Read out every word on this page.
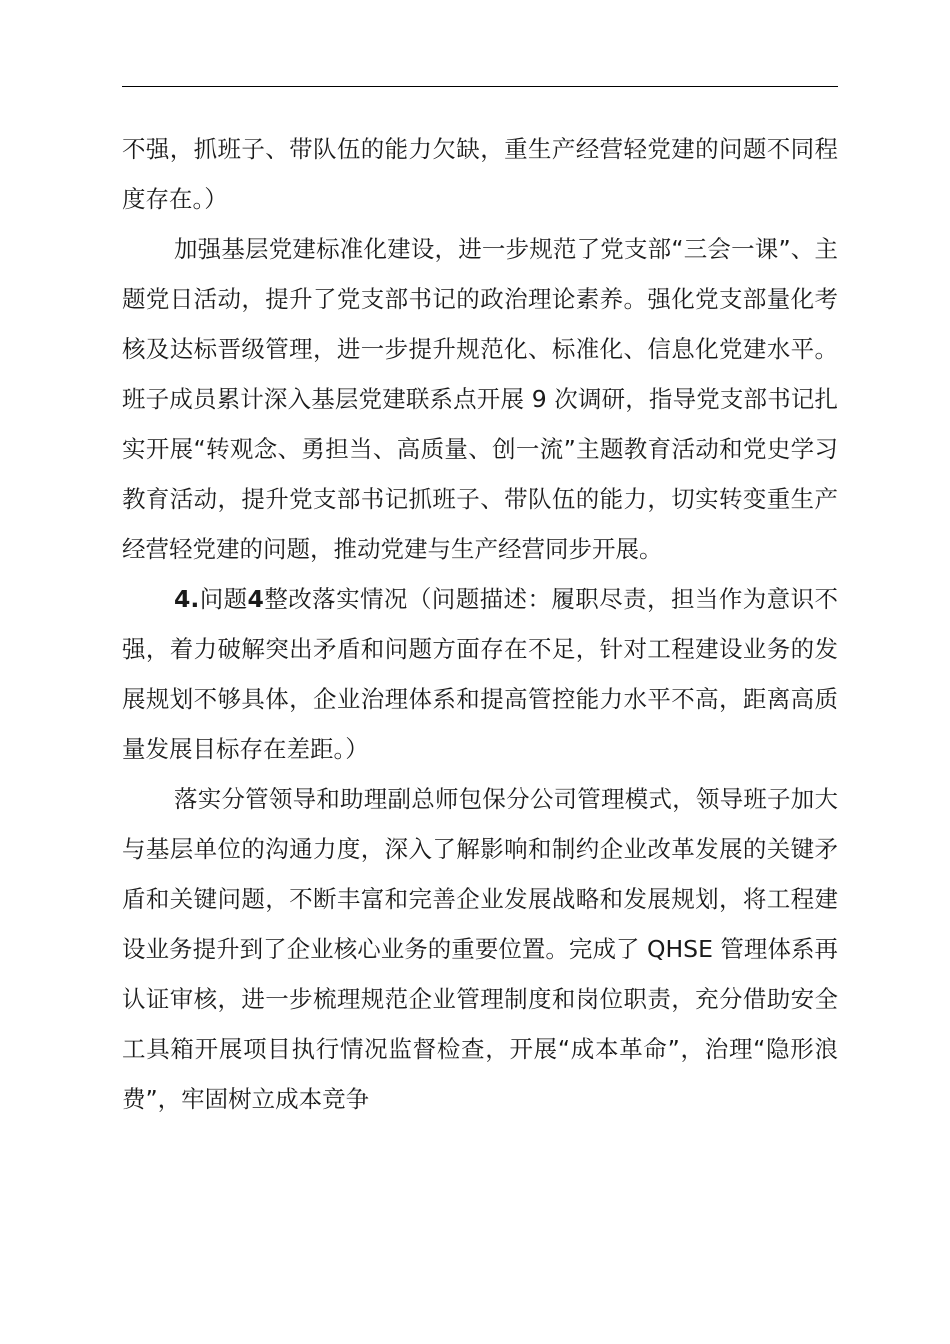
不强，抓班子、带队伍的能力欠缺，重生产经营轻党建的问题不同程度存在。）

加强基层党建标准化建设，进一步规范了党支部“三会一课”、主题党日活动，提升了党支部书记的政治理论素养。强化党支部量化考核及达标晋级管理，进一步提升规范化、标准化、信息化党建水平。班子成员累计深入基层党建联系点开展 9 次调研，指导党支部书记扎实开展“转观念、勇担当、高质量、创一流”主题教育活动和党史学习教育活动，提升党支部书记抓班子、带队伍的能力，切实转变重生产经营轻党建的问题，推动党建与生产经营同步开展。

4.问题4整改落实情况（问题描述：履职尽责，担当作为意识不强，着力破解突出矛盾和问题方面存在不足，针对工程建设业务的发展规划不够具体，企业治理体系和提高管控能力水平不高，距离高质量发展目标存在差距。）

落实分管领导和助理副总师包保分公司管理模式，领导班子加大与基层单位的沟通力度，深入了解影响和制约企业改革发展的关键矛盾和关键问题，不断丰富和完善企业发展战略和发展规划，将工程建设业务提升到了企业核心业务的重要位置。完成了 QHSE 管理体系再认证审核，进一步梳理规范企业管理制度和岗位职责，充分借助安全工具箱开展项目执行情况监督检查，开展“成本革命”，治理“隐形浪费”，牢固树立成本竞争
